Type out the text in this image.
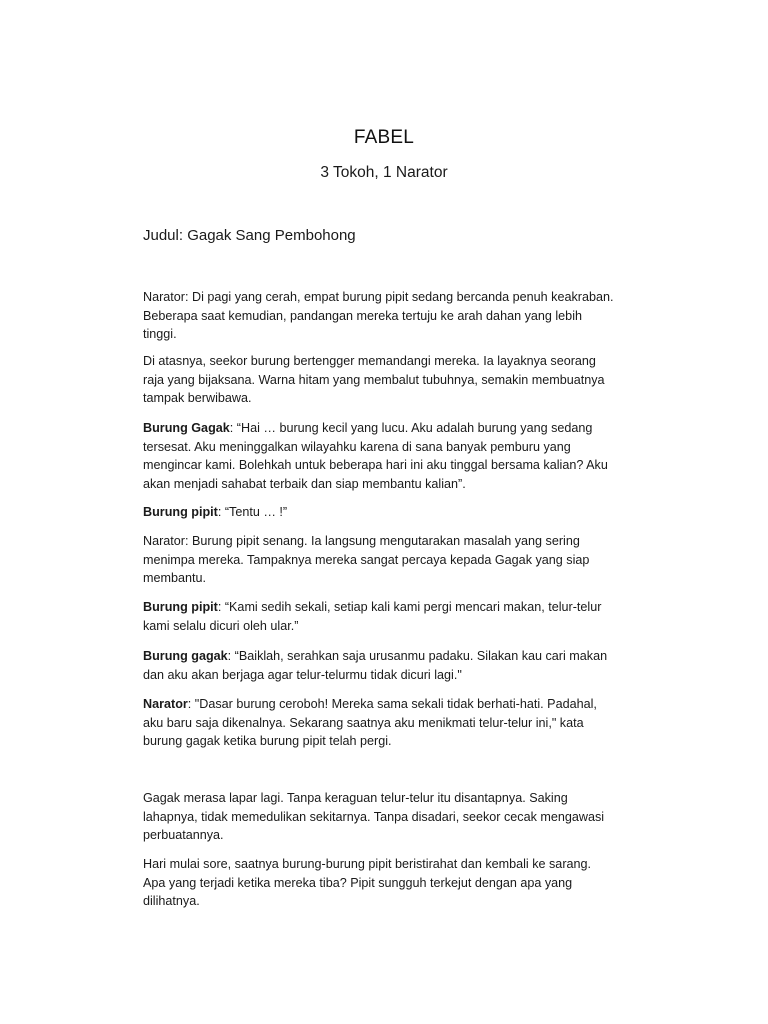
FABEL
3 Tokoh, 1 Narator
Judul: Gagak Sang Pembohong

Narator: Di pagi yang cerah, empat burung pipit sedang bercanda penuh keakraban.

Beberapa saat kemudian, pandangan mereka tertuju ke arah dahan yang lebih

tinggi.

Di atasnya, seekor burung bertengger memandangi mereka. Ia layaknya seorang

raja yang bijaksana. Warna hitam yang membalut tubuhnya, semakin membuatnya

tampak berwibawa.

Burung Gagak: “Hai … burung kecil yang lucu. Aku adalah burung yang sedang

tersesat. Aku meninggalkan wilayahku karena di sana banyak pemburu yang

mengincar kami. Bolehkah untuk beberapa hari ini aku tinggal bersama kalian? Aku

akan menjadi sahabat terbaik dan siap membantu kalian”.

Burung pipit: “Tentu … !”

Narator: Burung pipit senang. Ia langsung mengutarakan masalah yang sering

menimpa mereka. Tampaknya mereka sangat percaya kepada Gagak yang siap

membantu.

Burung pipit: “Kami sedih sekali, setiap kali kami pergi mencari makan, telur-telur

kami selalu dicuri oleh ular.”

Burung gagak: “Baiklah, serahkan saja urusanmu padaku. Silakan kau cari makan

dan aku akan berjaga agar telur-telurmu tidak dicuri lagi."

Narator: "Dasar burung ceroboh! Mereka sama sekali tidak berhati-hati. Padahal,

aku baru saja dikenalnya. Sekarang saatnya aku menikmati telur-telur ini," kata

burung gagak ketika burung pipit telah pergi.

Gagak merasa lapar lagi. Tanpa keraguan telur-telur itu disantapnya. Saking

lahapnya, tidak memedulikan sekitarnya. Tanpa disadari, seekor cecak mengawasi

perbuatannya.

Hari mulai sore, saatnya burung-burung pipit beristirahat dan kembali ke sarang.

Apa yang terjadi ketika mereka tiba? Pipit sungguh terkejut dengan apa yang

dilihatnya.
